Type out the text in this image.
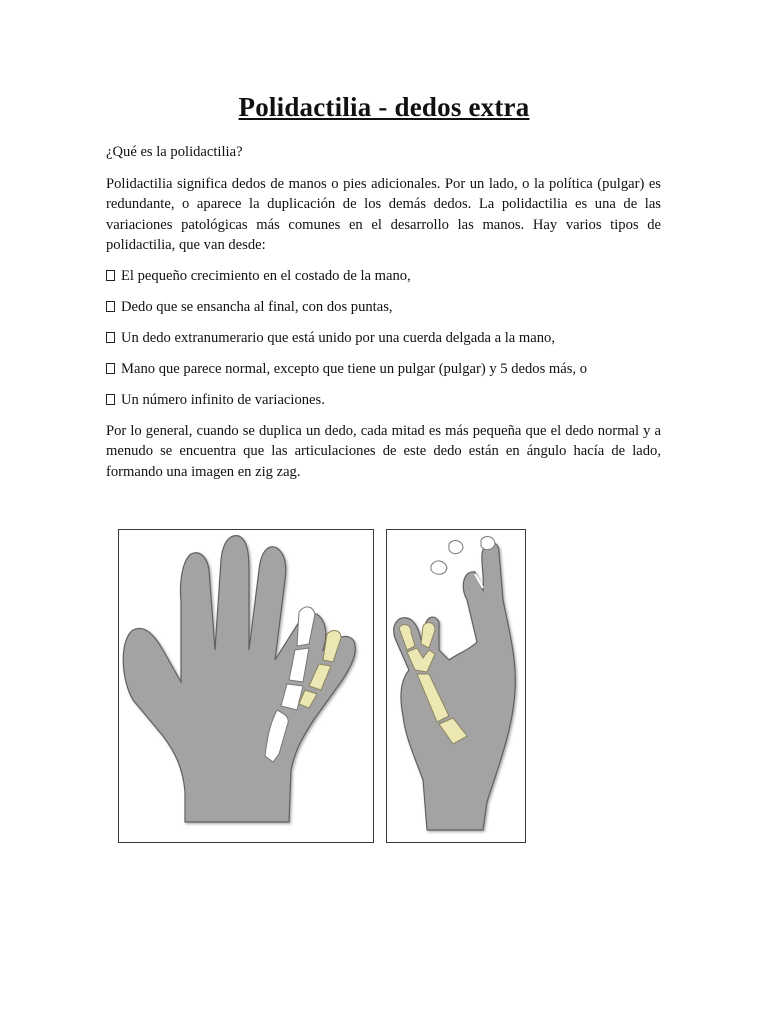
Polidactilia - dedos extra

¿Qué es la polidactilia?

Polidactilia significa dedos de manos o pies adicionales. Por un lado, o la política (pulgar) es redundante, o aparece la duplicación de los demás dedos. La polidactilia es una de las variaciones patológicas más comunes en el desarrollo las manos. Hay varios tipos de polidactilia, que van desde:

El pequeño crecimiento en el costado de la mano,

Dedo que se ensancha al final, con dos puntas,

Un dedo extranumerario que está unido por una cuerda delgada a la mano,

Mano que parece normal, excepto que tiene un pulgar (pulgar) y 5 dedos más, o

Un número infinito de variaciones.

Por lo general, cuando se duplica un dedo, cada mitad es más pequeña que el dedo normal y a menudo se encuentra que las articulaciones de este dedo están en ángulo hacía de lado, formando una imagen en zig zag.
